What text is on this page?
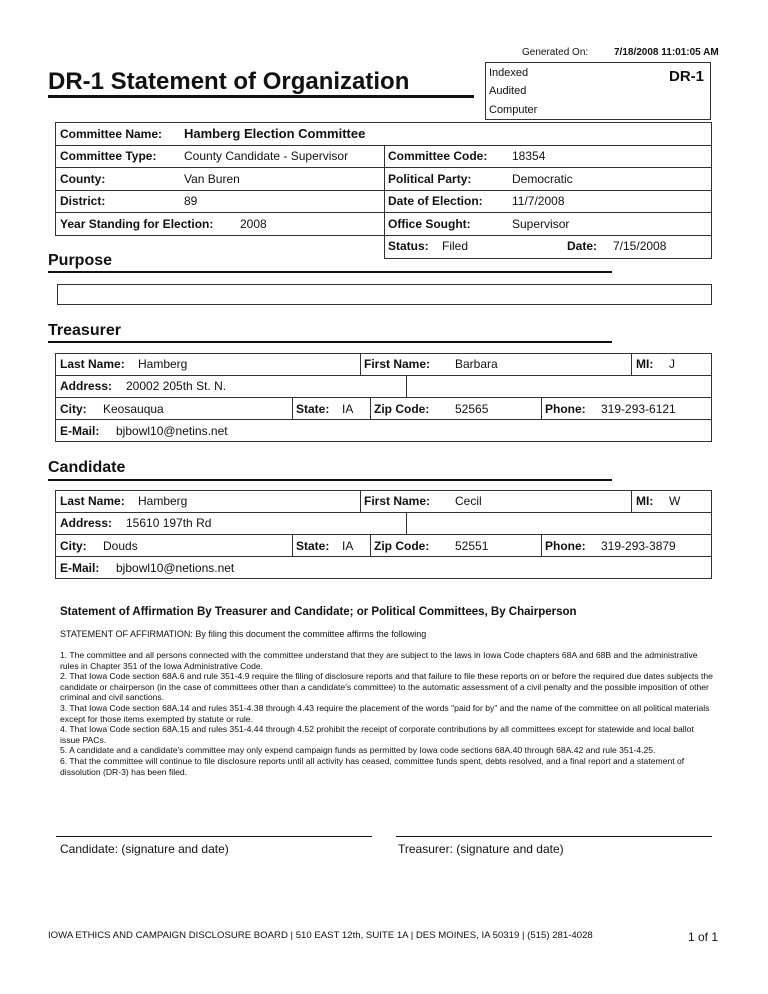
Generated On:	7/18/2008 11:01:05 AM
DR-1 Statement of Organization	Indexed
Audited
Computer
DR-1
Committee Name: Hamberg Election Committee
Committee Type: County Candidate - Supervisor	Committee Code: 18354
County:	Van Buren	Political Party:	Democratic
District:	89	Date of Election: 11/7/2008
Year Standing for Election: 2008	Office Sought:	Supervisor
Status: Filed	Date: 7/15/2008
Purpose
Treasurer
Last Name: Hamberg	First Name: Barbara	MI: J
Address: 20002 205th St. N.
City: Keosauqua	State: IA Zip Code: 52565	Phone: 319-293-6121
E-Mail: bjbowl10@netins.net
Candidate
Last Name: Hamberg	First Name: Cecil	MI: W
Address: 15610 197th Rd
City: Douds	State: IA Zip Code: 52551	Phone: 319-293-3879
E-Mail: bjbowl10@netions.net
Statement of Affirmation By Treasurer and Candidate; or Political Committees, By Chairperson
STATEMENT OF AFFIRMATION: By filing this document the committee affirms the following

1. The committee and all persons connected with the committee understand that they are subject to the laws in Iowa Code chapters 68A and 68B and the administrative rules in Chapter 351 of the Iowa Administrative Code.

2. That Iowa Code section 68A.6 and rule 351-4.9 require the filing of disclosure reports and that failure to file these reports on or before the required due dates subjects the candidate or chairperson (in the case of committees other than a candidate's committee) to the automatic assessment of a civil penalty and the possible imposition of other criminal and civil sanctions.

3. That Iowa Code section 68A.14 and rules 351-4.38 through 4.43 require the placement of the words "paid for by" and the name of the committee on all political materials except for those items exempted by statute or rule.

4. That Iowa Code section 68A.15 and rules 351-4.44 through 4.52 prohibit the receipt of corporate contributions by all committees except for statewide and local ballot issue PACs.

5. A candidate and a candidate's committee may only expend campaign funds as permitted by Iowa code sections 68A.40 through 68A.42 and rule 351-4.25.

6. That the committee will continue to file disclosure reports until all activity has ceased, committee funds spent, debts resolved, and a final report and a statement of dissolution (DR-3) has been filed.

Candidate: (signature and date)	Treasurer: (signature and date)
IOWA ETHICS AND CAMPAIGN DISCLOSURE BOARD | 510 EAST 12th, SUITE 1A | DES MOINES, IA 50319 | (515) 281-4028	1 of 1
